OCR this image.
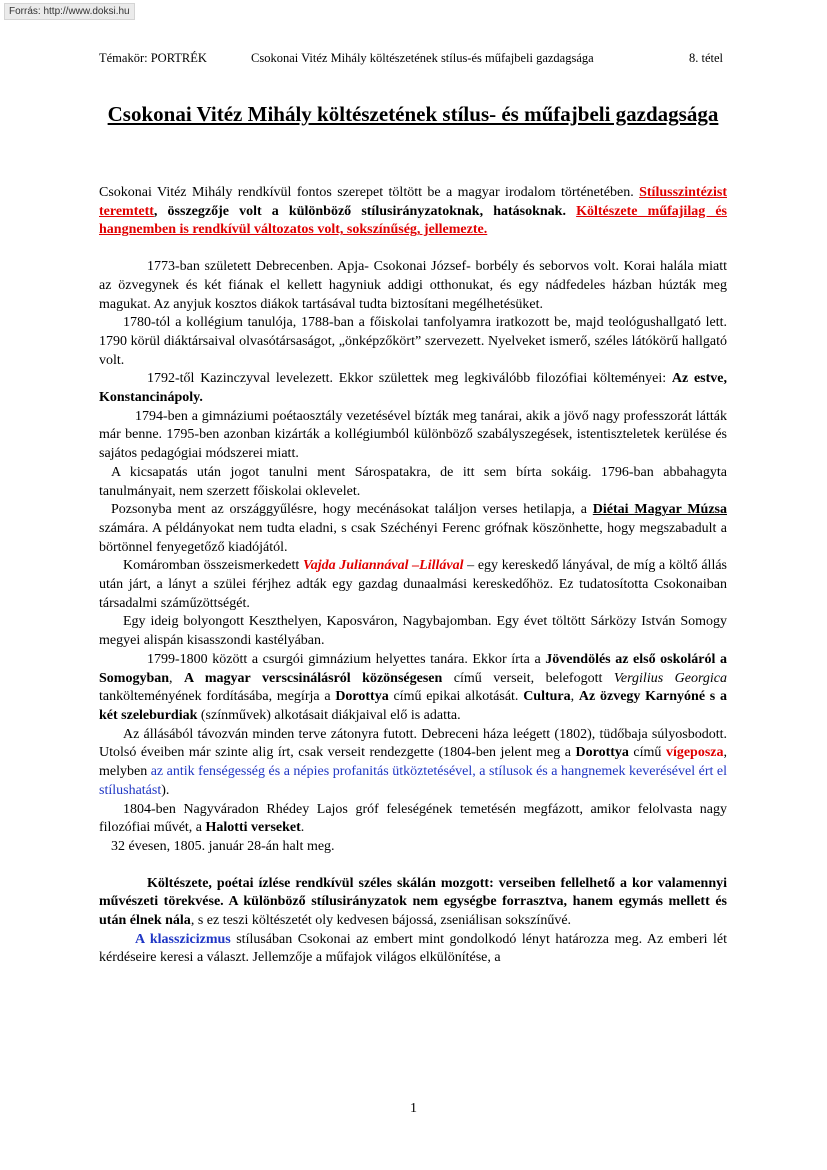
Forrás: http://www.doksi.hu
Témakör: PORTRÉK	Csokonai Vitéz Mihály költészetének stílus-és műfajbeli gazdagsága	8. tétel
Csokonai Vitéz Mihály költészetének stílus- és műfajbeli gazdagsága

Csokonai Vitéz Mihály rendkívül fontos szerepet töltött be a magyar irodalom történetében. Stílusszintézist teremtett, összegzője volt a különböző stílusirányzatoknak, hatásoknak. Költészete műfajilag és hangnemben is rendkívül változatos volt, sokszínűség, jellemezte.

1773-ban született Debrecenben. Apja- Csokonai József- borbély és seborvos volt. Korai halála miatt az özvegynek és két fiának el kellett hagyniuk addigi otthonukat, és egy nádfedeles házban húzták meg magukat. Az anyjuk kosztos diákok tartásával tudta biztosítani megélhetésüket.

1780-tól a kollégium tanulója, 1788-ban a főiskolai tanfolyamra iratkozott be, majd teológushallgató lett. 1790 körül diáktársaival olvasótársaságot, „önképzőkört” szervezett. Nyelveket ismerő, széles látókörű hallgató volt.

1792-től Kazinczyval levelezett. Ekkor születtek meg legkiválóbb filozófiai költeményei: Az estve, Konstancinápoly.

1794-ben a gimnáziumi poétaosztály vezetésével bízták meg tanárai, akik a jövő nagy professzorát látták már benne. 1795-ben azonban kizárták a kollégiumból különböző szabályszegések, istentiszteletek kerülése és sajátos pedagógiai módszerei miatt.

A kicsapatás után jogot tanulni ment Sárospatakra, de itt sem bírta sokáig. 1796-ban abbahagyta tanulmányait, nem szerzett főiskolai oklevelet.

Pozsonyba ment az országgyűlésre, hogy mecénásokat találjon verses hetilapja, a Diétai Magyar Múzsa számára. A példányokat nem tudta eladni, s csak Széchényi Ferenc grófnak köszönhette, hogy megszabadult a börtönnel fenyegetőző kiadójától.

Komáromban összeismerkedett Vajda Juliannával –Lillával – egy kereskedő lányával, de míg a költő állás után járt, a lányt a szülei férjhez adták egy gazdag dunaalmási kereskedőhöz. Ez tudatosította Csokonaiban társadalmi száműzöttségét.

Egy ideig bolyongott Keszthelyen, Kaposváron, Nagybajomban. Egy évet töltött Sárközy István Somogy megyei alispán kisasszondi kastélyában.

1799-1800 között a csurgói gimnázium helyettes tanára. Ekkor írta a Jövendölés az első oskoláról a Somogyban, A magyar verscsinálásról közönségesen című verseit, belefogott Vergilius Georgica tankölteményének fordításába, megírja a Dorottya című epikai alkotását. Cultura, Az özvegy Karnyóné s a két szeleburdiak (színművek) alkotásait diákjaival elő is adatta.

Az állásából távozván minden terve zátonyra futott. Debreceni háza leégett (1802), tüdőbaja súlyosbodott. Utolsó éveiben már szinte alig írt, csak verseit rendezgette (1804-ben jelent meg a Dorottya című vígeposza, melyben az antik fenségesség és a népies profanitás ütköztetésével, a stílusok és a hangnemek keverésével ért el stílushatást).

1804-ben Nagyváradon Rhédey Lajos gróf feleségének temetésén megfázott, amikor felolvasta nagy filozófiai művét, a Halotti verseket.

32 évesen, 1805. január 28-án halt meg.

Költészete, poétai ízlése rendkívül széles skálán mozgott: verseiben fellelhető a kor valamennyi művészeti törekvése. A különböző stílusirányzatok nem egységbe forrasztva, hanem egymás mellett és után élnek nála, s ez teszi költészetét oly kedvesen bájossá, zseniálisan sokszínűvé.

A klasszicizmus stílusában Csokonai az embert mint gondolkodó lényt határozza meg. Az emberi lét kérdéseire keresi a választ. Jellemzője a műfajok világos elkülönítése, a

1
